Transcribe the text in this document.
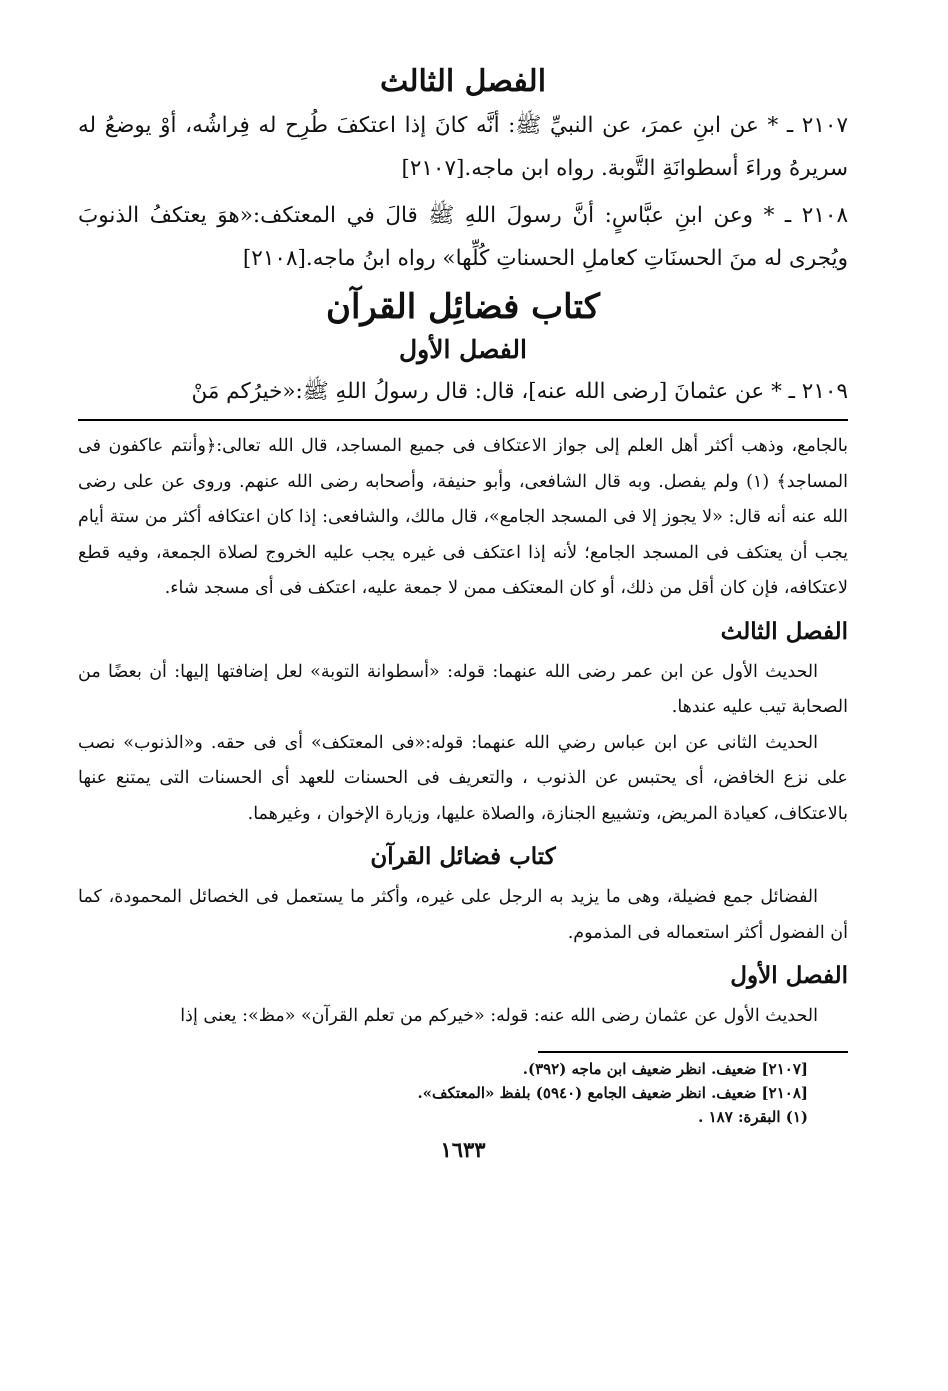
الفصل الثالث

٢١٠٧ ـ * عن ابنِ عمرَ، عن النبيِّ ﷺ: أنَّه كانَ إذا اعتكفَ طُرِح له فِراشُه، أوْ يوضعُ له سريرهُ وراءَ أسطوانَةِ التَّوبة. رواه ابن ماجه.[٢١٠٧]

٢١٠٨ ـ * وعن ابنِ عبَّاسٍ: أنَّ رسولَ اللهِ ﷺ قالَ في المعتكف:«هوَ يعتكفُ الذنوبَ ويُجرى له منَ الحسنَاتِ كعاملِ الحسناتِ كُلِّها» رواه ابنُ ماجه.[٢١٠٨]

كتاب فضائِل القرآن

الفصل الأول

٢١٠٩ ـ * عن عثمانَ [رضى الله عنه]، قال: قال رسولُ اللهِ ﷺ:«خيرُكم مَنْ

بالجامع، وذهب أكثر أهل العلم إلى جواز الاعتكاف فى جميع المساجد، قال الله تعالى:﴿وأنتم عاكفون فى المساجد﴾ (١) ولم يفصل. وبه قال الشافعى، وأبو حنيفة، وأصحابه رضى الله عنهم. وروى عن على رضى الله عنه أنه قال: «لا يجوز إلا فى المسجد الجامع»، قال مالك، والشافعى: إذا كان اعتكافه أكثر من ستة أيام يجب أن يعتكف فى المسجد الجامع؛ لأنه إذا اعتكف فى غيره يجب عليه الخروج لصلاة الجمعة، وفيه قطع لاعتكافه، فإن كان أقل من ذلك، أو كان المعتكف ممن لا جمعة عليه، اعتكف فى أى مسجد شاء.

الفصل الثالث

الحديث الأول عن ابن عمر رضى الله عنهما: قوله: «أسطوانة التوبة» لعل إضافتها إليها: أن بعضًا من الصحابة تيب عليه عندها.

الحديث الثانى عن ابن عباس رضي الله عنهما: قوله:«فى المعتكف» أى فى حقه. و«الذنوب» نصب على نزع الخافض، أى يحتبس عن الذنوب ، والتعريف فى الحسنات للعهد أى الحسنات التى يمتنع عنها بالاعتكاف، كعيادة المريض، وتشييع الجنازة، والصلاة عليها، وزيارة الإخوان ، وغيرهما.

كتاب فضائل القرآن

الفضائل جمع فضيلة، وهى ما يزيد به الرجل على غيره، وأكثر ما يستعمل فى الخصائل المحمودة، كما أن الفضول أكثر استعماله فى المذموم.

الفصل الأول

الحديث الأول عن عثمان رضى الله عنه: قوله: «خيركم من تعلم القرآن» «مظ»: يعنى إذا

[٢١٠٧] ضعيف. انظر ضعيف ابن ماجه (٣٩٢).

[٢١٠٨] ضعيف. انظر ضعيف الجامع (٥٩٤٠) بلفظ «المعتكف».

(١) البقرة: ١٨٧ .

١٦٣٣
